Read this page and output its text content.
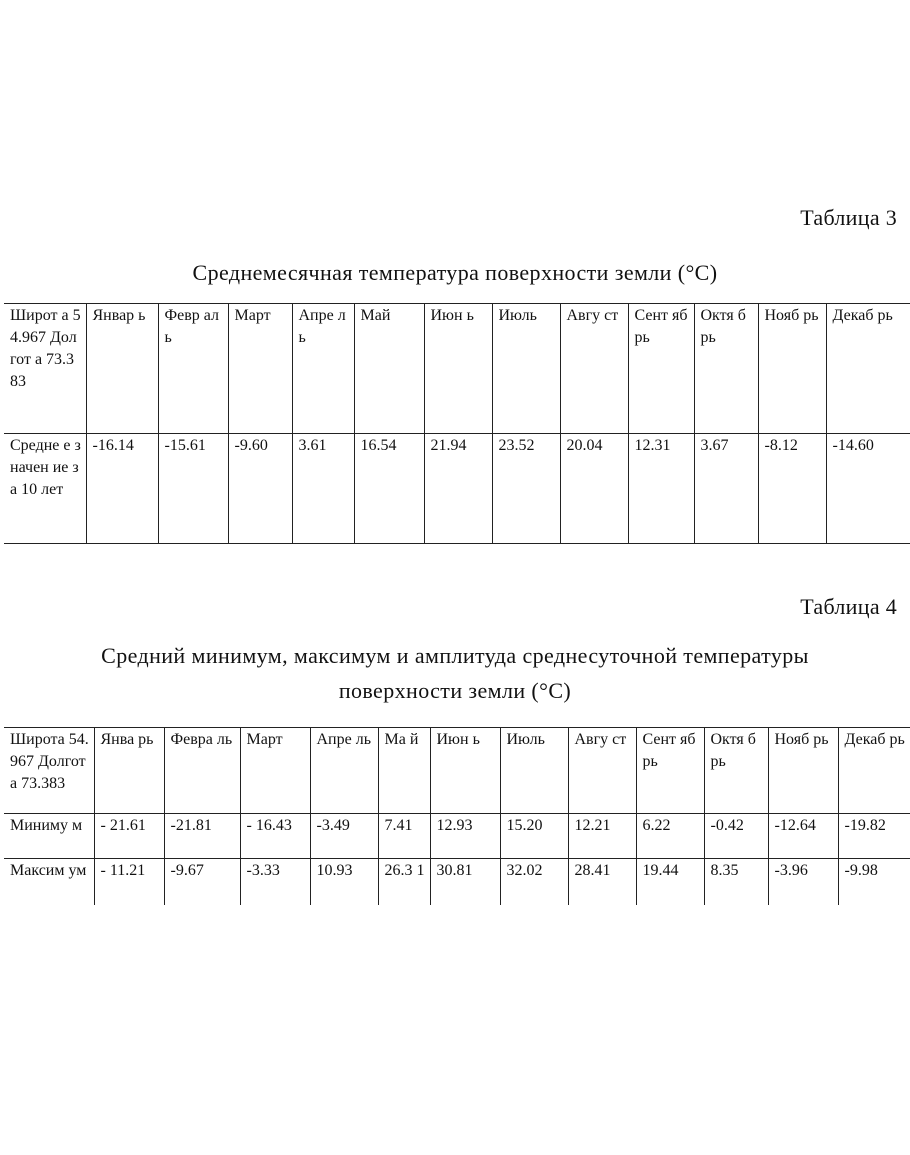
Таблица 3
Среднемесячная температура поверхности земли (°С)
Широт а 54.967 Долгот а 73.383	Январ ь	Февр аль	Март	Апре ль	Май	Июн ь	Июль	Авгу ст	Сент ябрь	Октя брь	Нояб рь	Декаб рь
Средне е значен ие за 10 лет	-16.14	-15.61	-9.60	3.61	16.54	21.94	23.52	20.04	12.31	3.67	-8.12	-14.60
Таблица 4
Средний минимум, максимум и амплитуда среднесуточной температуры
поверхности земли (°С)
Широта 54.967 Долгота 73.383	Янва рь	Февра ль	Март	Апре ль	Ма й	Июн ь	Июль	Авгу ст	Сент ябрь	Октя брь	Нояб рь	Декаб рь
Миниму м	- 21.61	-21.81	- 16.43	-3.49	7.41	12.93	15.20	12.21	6.22	-0.42	-12.64	-19.82
Максим ум	- 11.21	-9.67	-3.33	10.93	26.3 1	30.81	32.02	28.41	19.44	8.35	-3.96	-9.98
